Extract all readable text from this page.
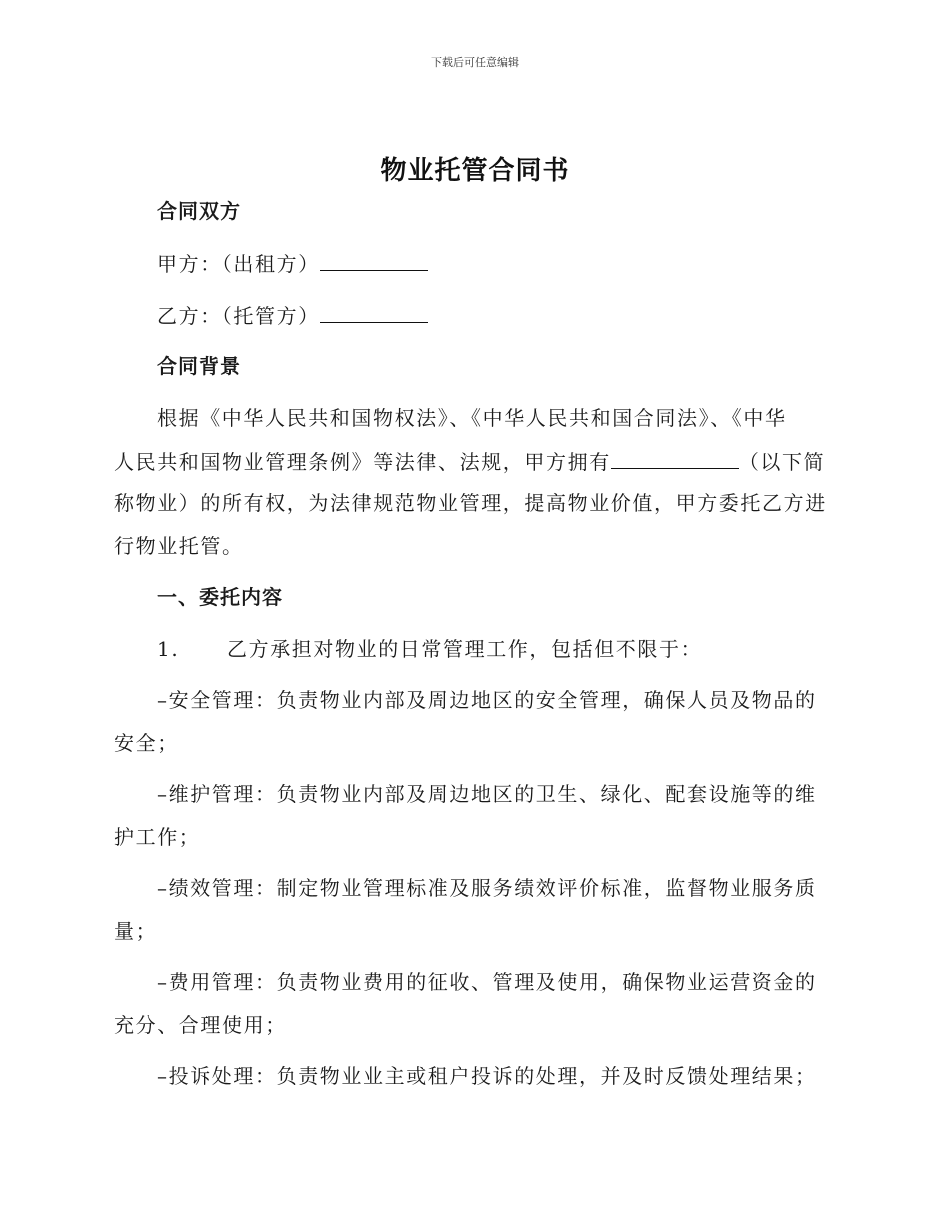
下载后可任意编辑
物业托管合同书
合同双方
甲方：（出租方）
乙方：（托管方）
合同背景
根据《中华人民共和国物权法》、《中华人民共和国合同法》、《中华
人民共和国物业管理条例》等法律、法规，甲方拥有	（以下简
称物业）的所有权，为法律规范物业管理，提高物业价值，甲方委托乙方进
行物业托管。
一、委托内容
1. 乙方承担对物业的日常管理工作，包括但不限于：
–安全管理：负责物业内部及周边地区的安全管理，确保人员及物品的
安全；
–维护管理：负责物业内部及周边地区的卫生、绿化、配套设施等的维
护工作；
–绩效管理：制定物业管理标准及服务绩效评价标准，监督物业服务质
量；
–费用管理：负责物业费用的征收、管理及使用，确保物业运营资金的
充分、合理使用；
–投诉处理：负责物业业主或租户投诉的处理，并及时反馈处理结果；
